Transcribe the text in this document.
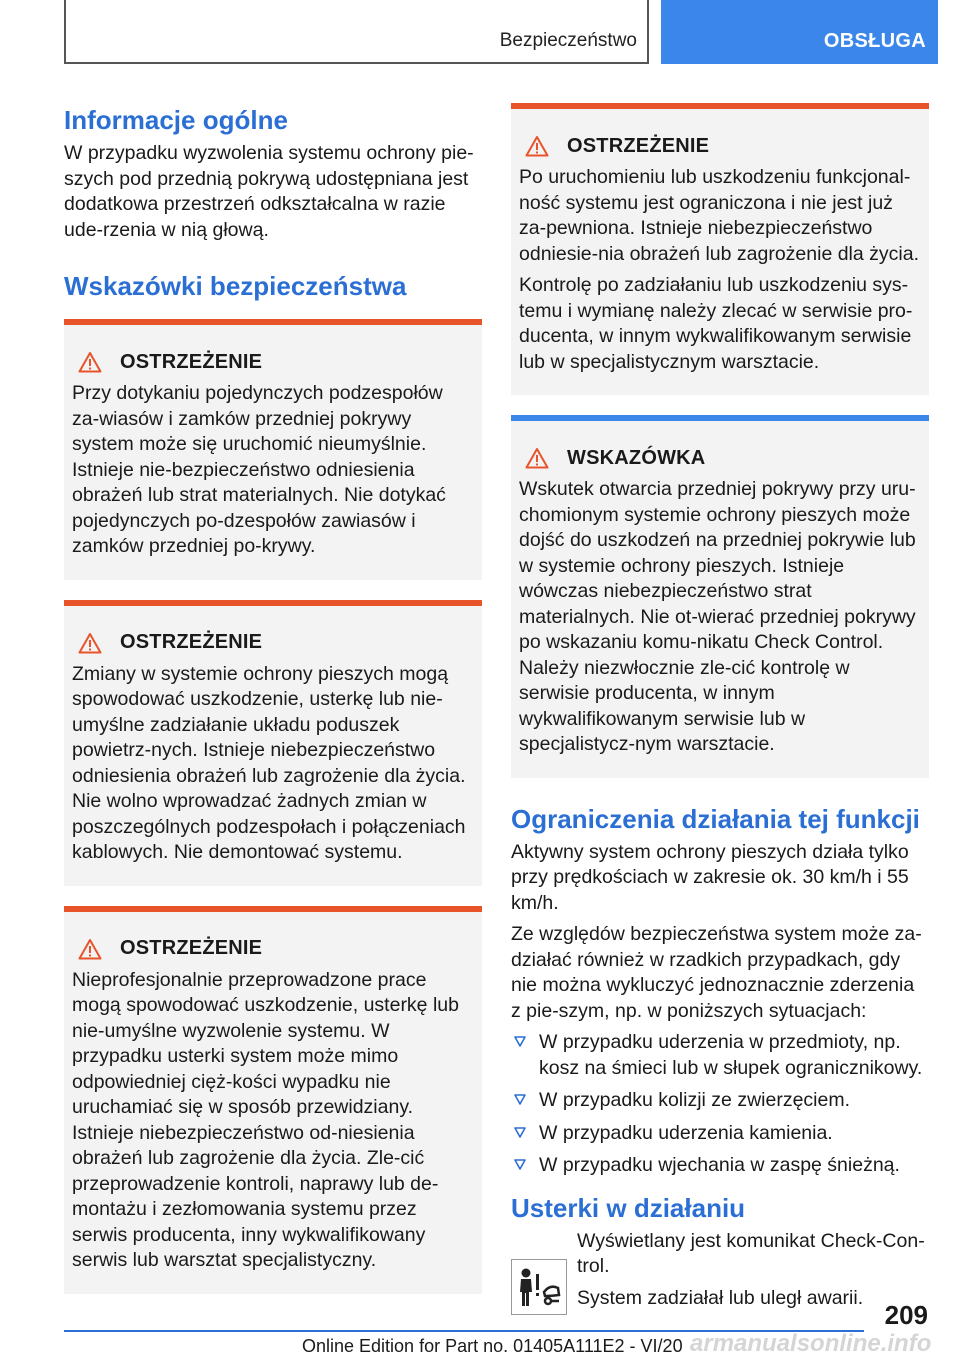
Bezpieczeństwo	OBSŁUGA
Informacje ogólne

W przypadku wyzwolenia systemu ochrony pie-szych pod przednią pokrywą udostępniana jest dodatkowa przestrzeń odkształcalna w razie ude-rzenia w nią głową.

Wskazówki bezpieczeństwa
OSTRZEŻENIE

Przy dotykaniu pojedynczych podzespołów za-wiasów i zamków przedniej pokrywy system może się uruchomić nieumyślnie. Istnieje nie-bezpieczeństwo odniesienia obrażeń lub strat materialnych. Nie dotykać pojedynczych po-dzespołów zawiasów i zamków przedniej po-krywy.

OSTRZEŻENIE

Zmiany w systemie ochrony pieszych mogą spowodować uszkodzenie, usterkę lub nie-umyślne zadziałanie układu poduszek powietrz-nych. Istnieje niebezpieczeństwo odniesienia obrażeń lub zagrożenie dla życia. Nie wolno wprowadzać żadnych zmian w poszczególnych podzespołach i połączeniach kablowych. Nie demontować systemu.

OSTRZEŻENIE

Nieprofesjonalnie przeprowadzone prace mogą spowodować uszkodzenie, usterkę lub nie-umyślne wyzwolenie systemu. W przypadku usterki system może mimo odpowiedniej cięż-kości wypadku nie uruchamiać się w sposób przewidziany. Istnieje niebezpieczeństwo od-niesienia obrażeń lub zagrożenie dla życia. Zle-cić przeprowadzenie kontroli, naprawy lub de-montażu i zezłomowania systemu przez serwis producenta, inny wykwalifikowany serwis lub warsztat specjalistyczny.

OSTRZEŻENIE

Po uruchomieniu lub uszkodzeniu funkcjonal-ność systemu jest ograniczona i nie jest już za-pewniona. Istnieje niebezpieczeństwo odniesie-nia obrażeń lub zagrożenie dla życia.

Kontrolę po zadziałaniu lub uszkodzeniu sys-temu i wymianę należy zlecać w serwisie pro-ducenta, w innym wykwalifikowanym serwisie lub w specjalistycznym warsztacie.

WSKAZÓWKA

Wskutek otwarcia przedniej pokrywy przy uru-chomionym systemie ochrony pieszych może dojść do uszkodzeń na przedniej pokrywie lub w systemie ochrony pieszych. Istnieje wówczas niebezpieczeństwo strat materialnych. Nie ot-wierać przedniej pokrywy po wskazaniu komu-nikatu Check Control. Należy niezwłocznie zle-cić kontrolę w serwisie producenta, w innym wykwalifikowanym serwisie lub w specjalistycz-nym warsztacie.

Ograniczenia działania tej funkcji

Aktywny system ochrony pieszych działa tylko przy prędkościach w zakresie ok. 30 km/h i 55 km/h.

Ze względów bezpieczeństwa system może za-działać również w rzadkich przypadkach, gdy nie można wykluczyć jednoznacznie zderzenia z pie-szym, np. w poniższych sytuacjach:

W przypadku uderzenia w przedmioty, np. kosz na śmieci lub w słupek ogranicznikowy.
W przypadku kolizji ze zwierzęciem.
W przypadku uderzenia kamienia.
W przypadku wjechania w zaspę śnieżną.
Usterki w działaniu

Wyświetlany jest komunikat Check-Con-trol.

System zadziałał lub uległ awarii.

209
armanualsonline.info
Online Edition for Part no. 01405A111E2 - VI/20
